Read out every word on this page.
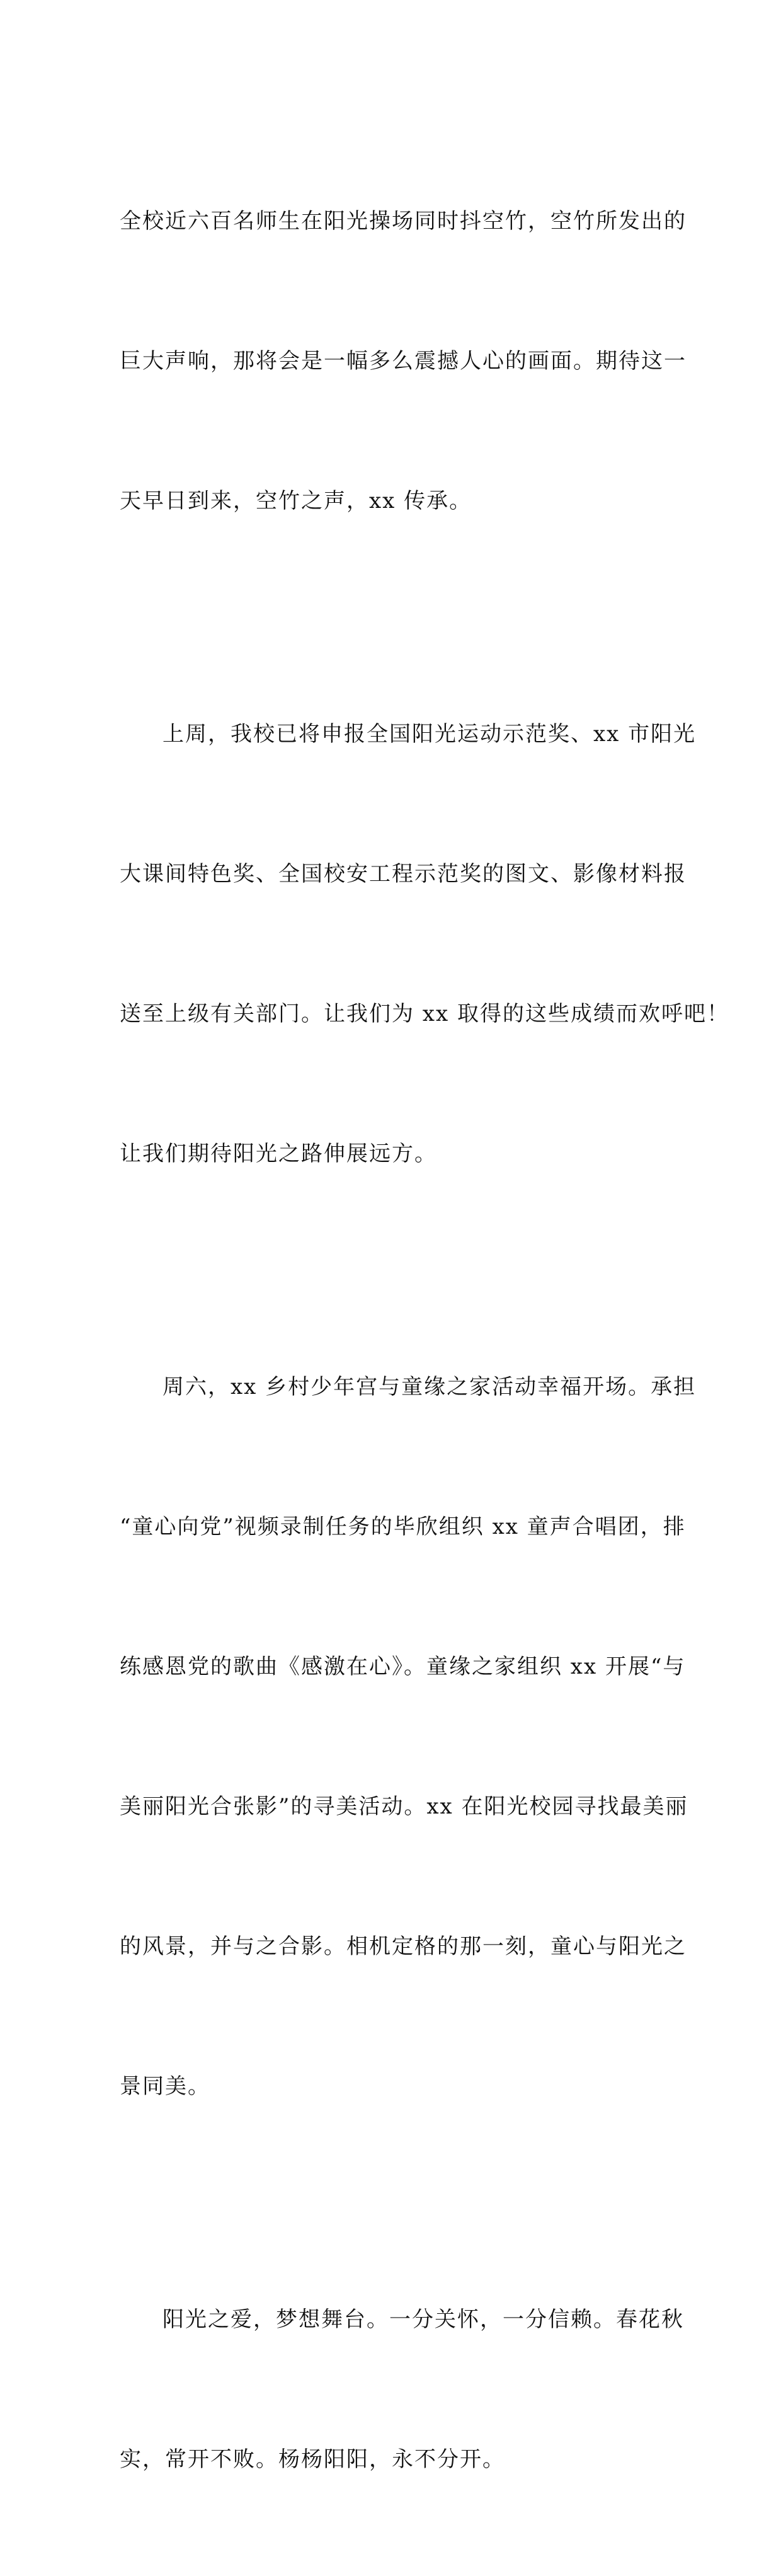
全校近六百名师生在阳光操场同时抖空竹，空竹所发出的

巨大声响，那将会是一幅多么震撼人心的画面。期待这一

天早日到来，空竹之声，xx 传承。

上周，我校已将申报全国阳光运动示范奖、xx 市阳光

大课间特色奖、全国校安工程示范奖的图文、影像材料报

送至上级有关部门。让我们为 xx 取得的这些成绩而欢呼吧！

让我们期待阳光之路伸展远方。

周六，xx 乡村少年宫与童缘之家活动幸福开场。承担

“童心向党”视频录制任务的毕欣组织 xx 童声合唱团，排

练感恩党的歌曲《感激在心》。童缘之家组织 xx 开展“与

美丽阳光合张影”的寻美活动。xx 在阳光校园寻找最美丽

的风景，并与之合影。相机定格的那一刻，童心与阳光之

景同美。

阳光之爱，梦想舞台。一分关怀，一分信赖。春花秋

实，常开不败。杨杨阳阳，永不分开。
